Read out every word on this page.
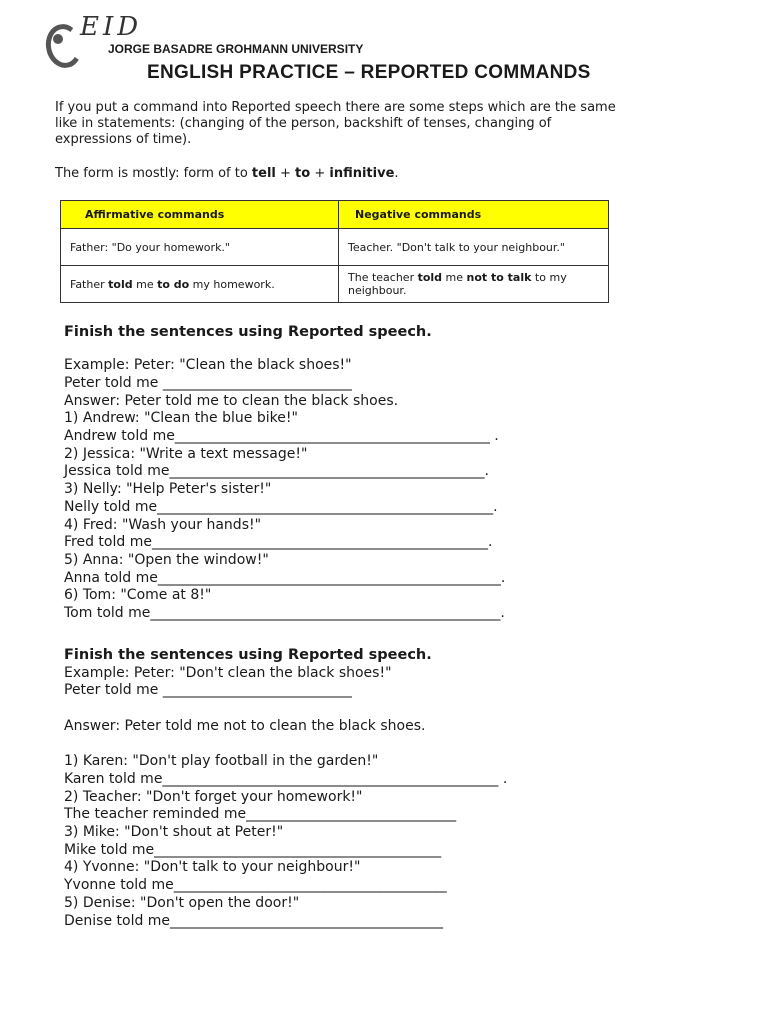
EID
JORGE BASADRE GROHMANN UNIVERSITY
ENGLISH PRACTICE – REPORTED COMMANDS
If you put a command into Reported speech there are some steps which are the same like in statements: (changing of the person, backshift of tenses, changing of expressions of time).
The form is mostly: form of to tell + to + infinitive.
Affirmative commands	Negative commands
Father: "Do your homework."	Teacher. "Don't talk to your neighbour."
Father told me to do my homework.	The teacher told me not to talk to my neighbour.
Finish the sentences using Reported speech.
Example: Peter: "Clean the black shoes!"
Peter told me ___________________________
Answer: Peter told me to clean the black shoes.
1) Andrew: "Clean the blue bike!"
Andrew told me_____________________________________________ .
2) Jessica: "Write a text message!"
Jessica told me_____________________________________________.
3) Nelly: "Help Peter's sister!"
Nelly told me________________________________________________.
4) Fred: "Wash your hands!"
Fred told me________________________________________________.
5) Anna: "Open the window!"
Anna told me_________________________________________________.
6) Tom: "Come at 8!"
Tom told me__________________________________________________.
Finish the sentences using Reported speech.
Example: Peter: "Don't clean the black shoes!"
Peter told me ___________________________
Answer: Peter told me not to clean the black shoes.
1) Karen: "Don't play football in the garden!"
Karen told me________________________________________________ .
2) Teacher: "Don't forget your homework!"
The teacher reminded me______________________________
3) Mike: "Don't shout at Peter!"
Mike told me_________________________________________
4) Yvonne: "Don't talk to your neighbour!"
Yvonne told me_______________________________________
5) Denise: "Don't open the door!"
Denise told me_______________________________________
